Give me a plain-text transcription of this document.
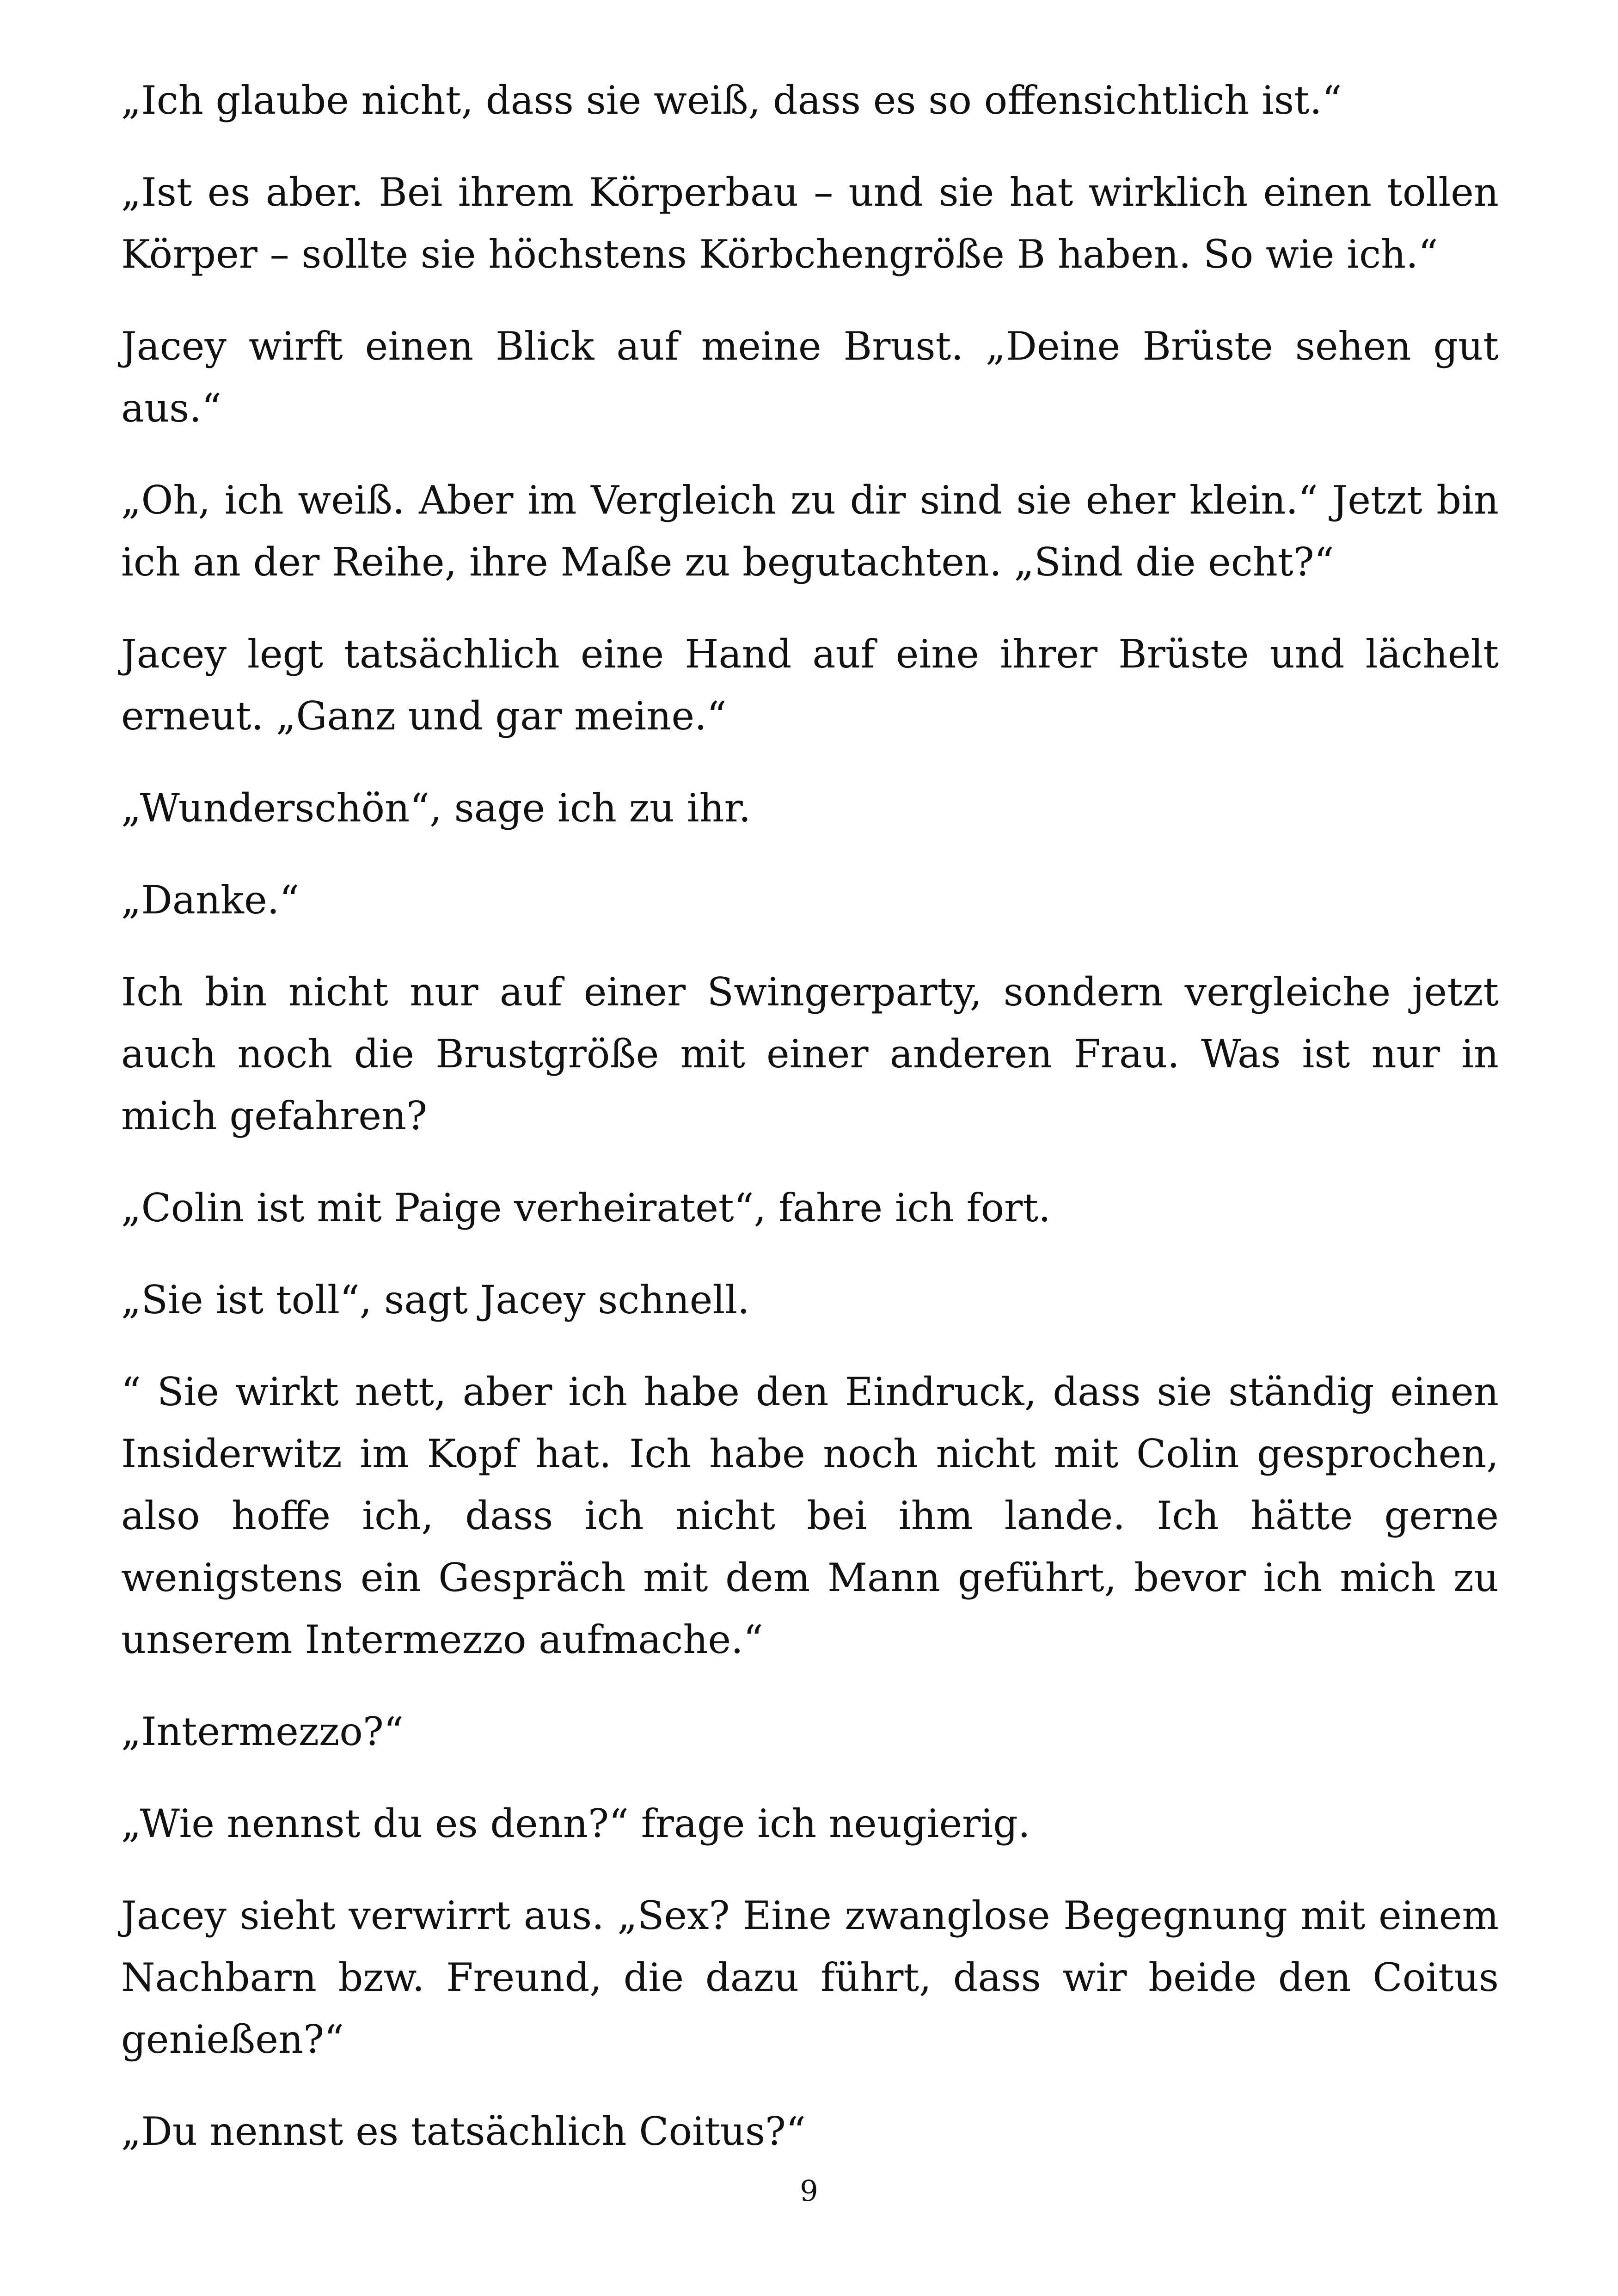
„Ich glaube nicht, dass sie weiß, dass es so offensichtlich ist.“

„Ist es aber. Bei ihrem Körperbau – und sie hat wirklich einen tollen Körper – sollte sie höchstens Körbchengröße B haben. So wie ich.“

Jacey wirft einen Blick auf meine Brust. „Deine Brüste sehen gut aus.“

„Oh, ich weiß. Aber im Vergleich zu dir sind sie eher klein.“ Jetzt bin ich an der Reihe, ihre Maße zu begutachten. „Sind die echt?“

Jacey legt tatsächlich eine Hand auf eine ihrer Brüste und lächelt erneut. „Ganz und gar meine.“

„Wunderschön“, sage ich zu ihr.

„Danke.“

Ich bin nicht nur auf einer Swingerparty, sondern vergleiche jetzt auch noch die Brustgröße mit einer anderen Frau. Was ist nur in mich gefahren?

„Colin ist mit Paige verheiratet“, fahre ich fort.

„Sie ist toll“, sagt Jacey schnell.

“ Sie wirkt nett, aber ich habe den Eindruck, dass sie ständig einen Insiderwitz im Kopf hat. Ich habe noch nicht mit Colin gesprochen, also hoffe ich, dass ich nicht bei ihm lande. Ich hätte gerne wenigstens ein Gespräch mit dem Mann geführt, bevor ich mich zu unserem Intermezzo aufmache.“

„Intermezzo?“

„Wie nennst du es denn?“ frage ich neugierig.

Jacey sieht verwirrt aus. „Sex? Eine zwanglose Begegnung mit einem Nachbarn bzw. Freund, die dazu führt, dass wir beide den Coitus genießen?“

„Du nennst es tatsächlich Coitus?“

9
